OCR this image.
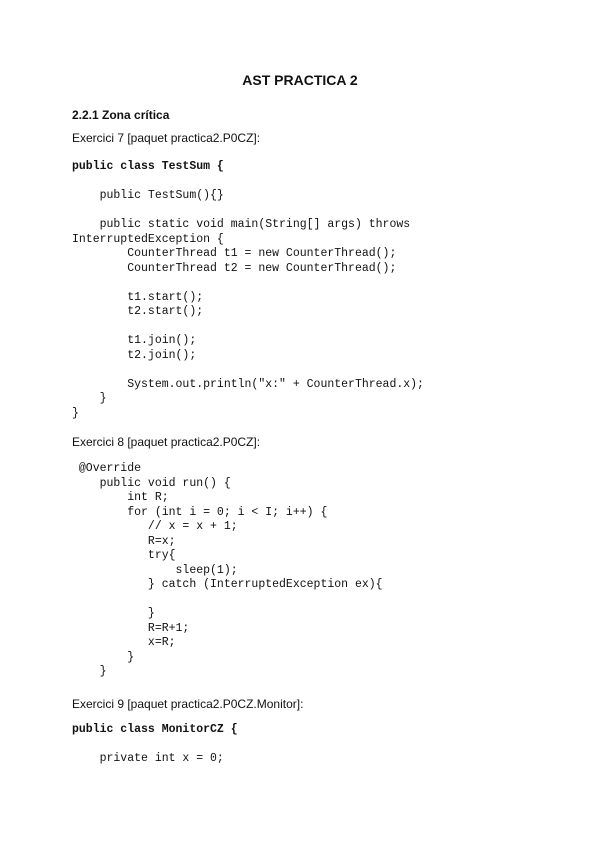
AST PRACTICA 2
2.2.1 Zona crítica
Exercici 7 [paquet practica2.P0CZ]:
public class TestSum {
public TestSum(){}
public static void main(String[] args) throws
InterruptedException {
CounterThread t1 = new CounterThread();
CounterThread t2 = new CounterThread();
t1.start();
t2.start();
t1.join();
t2.join();
System.out.println("x:" + CounterThread.x);
}
}
Exercici 8 [paquet practica2.P0CZ]:
@Override
public void run() {
int R;
for (int i = 0; i < I; i++) {
// x = x + 1;
R=x;
try{
sleep(1);
} catch (InterruptedException ex){
}
R=R+1;
x=R;
}
}
Exercici 9 [paquet practica2.P0CZ.Monitor]:
public class MonitorCZ {
private int x = 0;
